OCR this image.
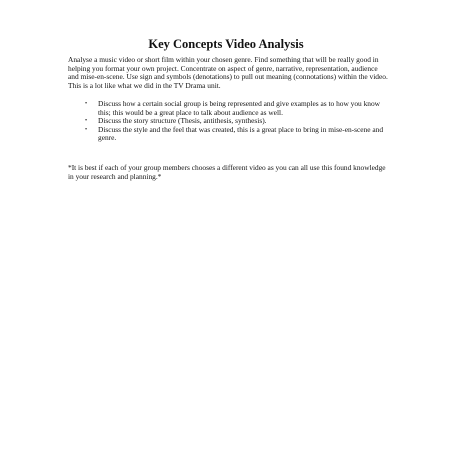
Key Concepts Video Analysis

Analyse a music video or short film within your chosen genre. Find something that will be really good in helping you format your own project. Concentrate on aspect of genre, narrative, representation, audience and mise-en-scene. Use sign and symbols (denotations) to pull out meaning (connotations) within the video. This is a lot like what we did in the TV Drama unit.

• Discuss how a certain social group is being represented and give examples as to how you know this; this would be a great place to talk about audience as well.
• Discuss the story structure (Thesis, antithesis, synthesis).
• Discuss the style and the feel that was created, this is a great place to bring in mise-en-scene and genre.

*It is best if each of your group members chooses a different video as you can all use this found knowledge in your research and planning.*
